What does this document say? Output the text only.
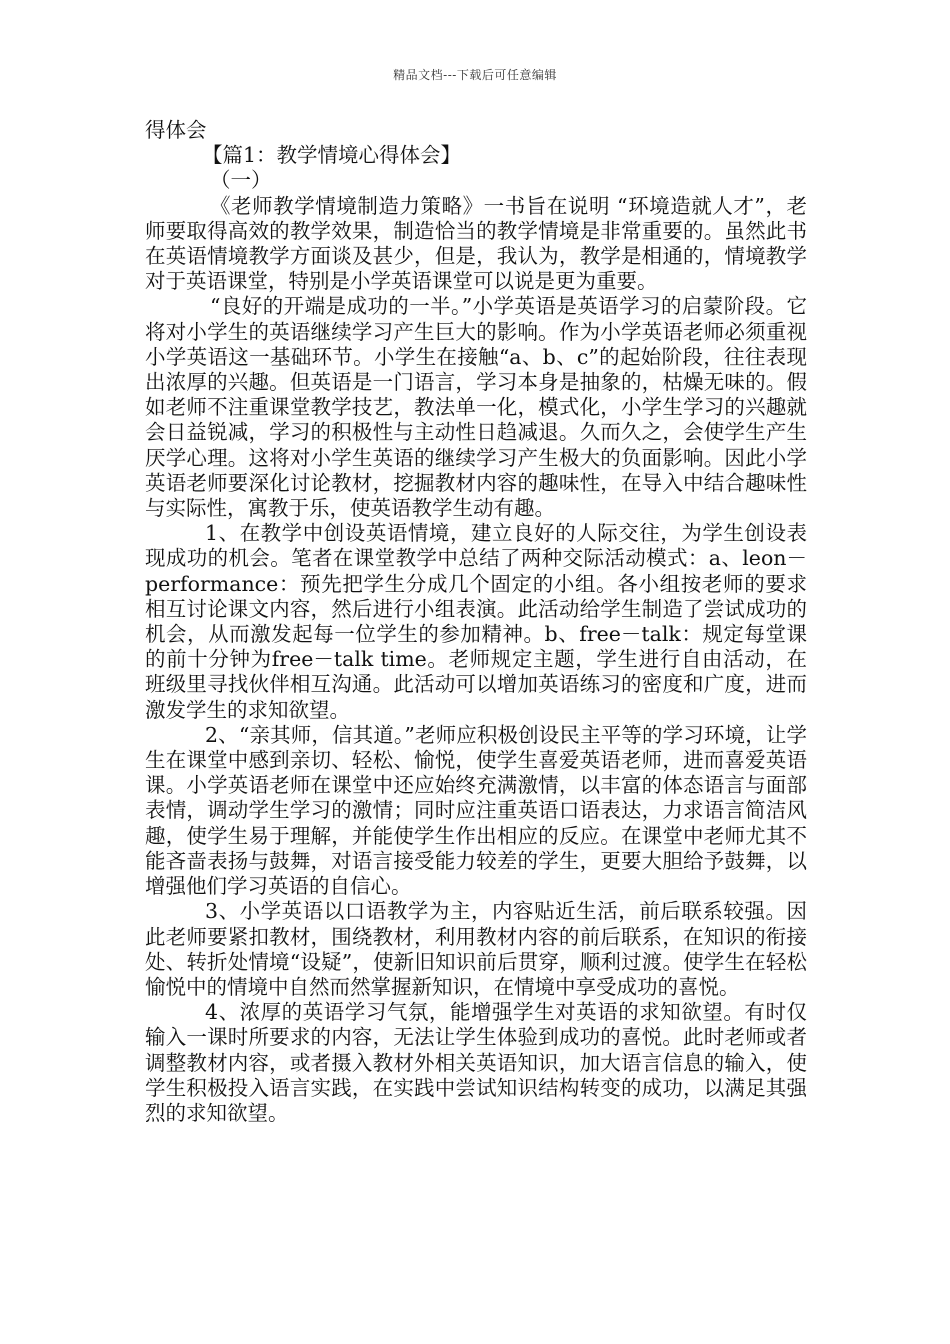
精品文档---下载后可任意编辑

得体会

【篇1：教学情境心得体会】

（一）

《老师教学情境制造力策略》一书旨在说明 “环境造就人才”，老师要取得高效的教学效果，制造恰当的教学情境是非常重要的。虽然此书在英语情境教学方面谈及甚少，但是，我认为，教学是相通的，情境教学对于英语课堂，特别是小学英语课堂可以说是更为重要。

“良好的开端是成功的一半。”小学英语是英语学习的启蒙阶段。它将对小学生的英语继续学习产生巨大的影响。作为小学英语老师必须重视小学英语这一基础环节。小学生在接触“a、b、c”的起始阶段，往往表现出浓厚的兴趣。但英语是一门语言，学习本身是抽象的，枯燥无味的。假如老师不注重课堂教学技艺，教法单一化，模式化，小学生学习的兴趣就会日益锐减，学习的积极性与主动性日趋减退。久而久之，会使学生产生厌学心理。这将对小学生英语的继续学习产生极大的负面影响。因此小学英语老师要深化讨论教材，挖掘教材内容的趣味性，在导入中结合趣味性与实际性，寓教于乐，使英语教学生动有趣。

1、在教学中创设英语情境，建立良好的人际交往，为学生创设表现成功的机会。笔者在课堂教学中总结了两种交际活动模式：a、leon－performance：预先把学生分成几个固定的小组。各小组按老师的要求相互讨论课文内容，然后进行小组表演。此活动给学生制造了尝试成功的机会，从而激发起每一位学生的参加精神。b、free－talk：规定每堂课的前十分钟为free－talk time。老师规定主题，学生进行自由活动，在班级里寻找伙伴相互沟通。此活动可以增加英语练习的密度和广度，进而激发学生的求知欲望。

2、“亲其师，信其道。”老师应积极创设民主平等的学习环境，让学生在课堂中感到亲切、轻松、愉悦，使学生喜爱英语老师，进而喜爱英语课。小学英语老师在课堂中还应始终充满激情，以丰富的体态语言与面部表情，调动学生学习的激情；同时应注重英语口语表达，力求语言简洁风趣，使学生易于理解，并能使学生作出相应的反应。在课堂中老师尤其不能吝啬表扬与鼓舞，对语言接受能力较差的学生，更要大胆给予鼓舞，以增强他们学习英语的自信心。

3、小学英语以口语教学为主，内容贴近生活，前后联系较强。因此老师要紧扣教材，围绕教材，利用教材内容的前后联系，在知识的衔接处、转折处情境“设疑”，使新旧知识前后贯穿，顺利过渡。使学生在轻松愉悦中的情境中自然而然掌握新知识，在情境中享受成功的喜悦。

4、浓厚的英语学习气氛，能增强学生对英语的求知欲望。有时仅输入一课时所要求的内容，无法让学生体验到成功的喜悦。此时老师或者调整教材内容，或者摄入教材外相关英语知识，加大语言信息的输入，使学生积极投入语言实践，在实践中尝试知识结构转变的成功，以满足其强烈的求知欲望。
